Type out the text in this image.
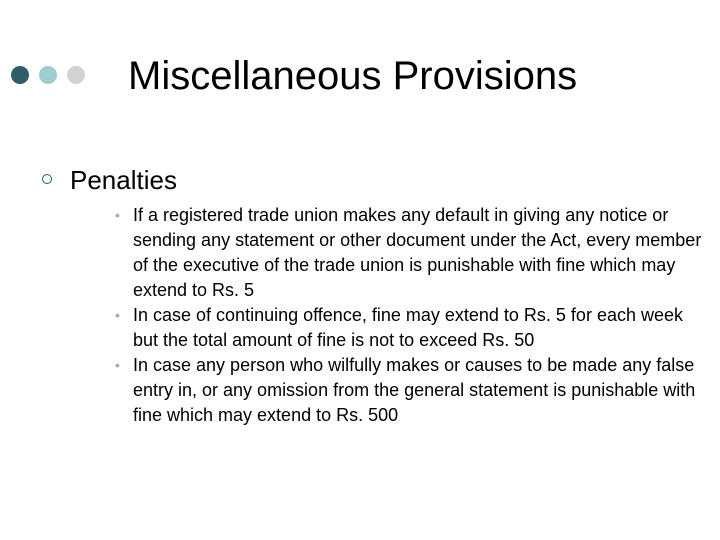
Miscellaneous Provisions
Penalties
• If a registered trade union makes any default in giving any notice or sending any statement or other document under the Act, every member of the executive of the trade union is punishable with fine which may extend to Rs. 5
• In case of continuing offence, fine may extend to Rs. 5 for each week but the total amount of fine is not to exceed Rs. 50
• In case any person who wilfully makes or causes to be made any false entry in, or any omission from the general statement is punishable with fine which may extend to Rs. 500
